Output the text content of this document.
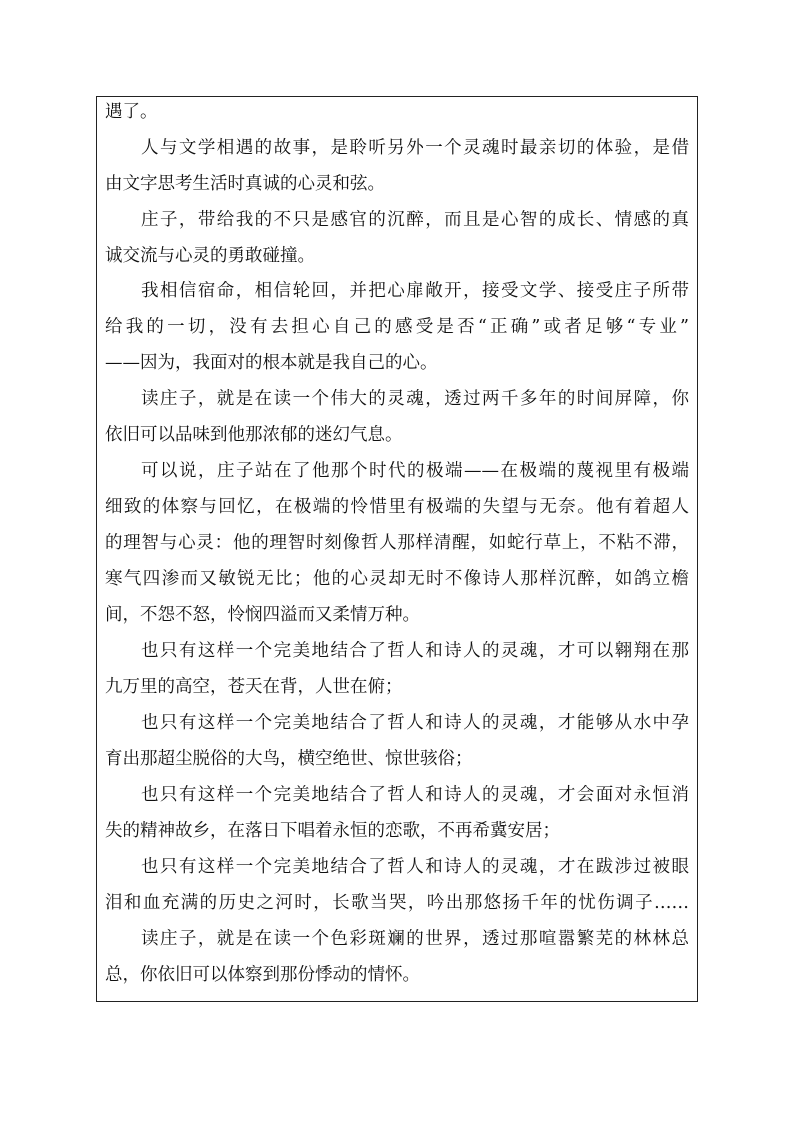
遇了。
人与文学相遇的故事，是聆听另外一个灵魂时最亲切的体验，是借
由文字思考生活时真诚的心灵和弦。
庄子，带给我的不只是感官的沉醉，而且是心智的成长、情感的真
诚交流与心灵的勇敢碰撞。
我相信宿命，相信轮回，并把心扉敞开，接受文学、接受庄子所带
给我的一切，没有去担心自己的感受是否“正确”或者足够“专业”
——因为，我面对的根本就是我自己的心。
读庄子，就是在读一个伟大的灵魂，透过两千多年的时间屏障，你
依旧可以品味到他那浓郁的迷幻气息。
可以说，庄子站在了他那个时代的极端——在极端的蔑视里有极端
细致的体察与回忆，在极端的怜惜里有极端的失望与无奈。他有着超人
的理智与心灵：他的理智时刻像哲人那样清醒，如蛇行草上，不粘不滞，
寒气四渗而又敏锐无比；他的心灵却无时不像诗人那样沉醉，如鸽立檐
间，不怨不怒，怜悯四溢而又柔情万种。
也只有这样一个完美地结合了哲人和诗人的灵魂，才可以翱翔在那
九万里的高空，苍天在背，人世在俯；
也只有这样一个完美地结合了哲人和诗人的灵魂，才能够从水中孕
育出那超尘脱俗的大鸟，横空绝世、惊世骇俗；
也只有这样一个完美地结合了哲人和诗人的灵魂，才会面对永恒消
失的精神故乡，在落日下唱着永恒的恋歌，不再希冀安居；
也只有这样一个完美地结合了哲人和诗人的灵魂，才在跋涉过被眼
泪和血充满的历史之河时，长歌当哭，吟出那悠扬千年的忧伤调子……
读庄子，就是在读一个色彩斑斓的世界，透过那喧嚣繁芜的林林总
总，你依旧可以体察到那份悸动的情怀。
